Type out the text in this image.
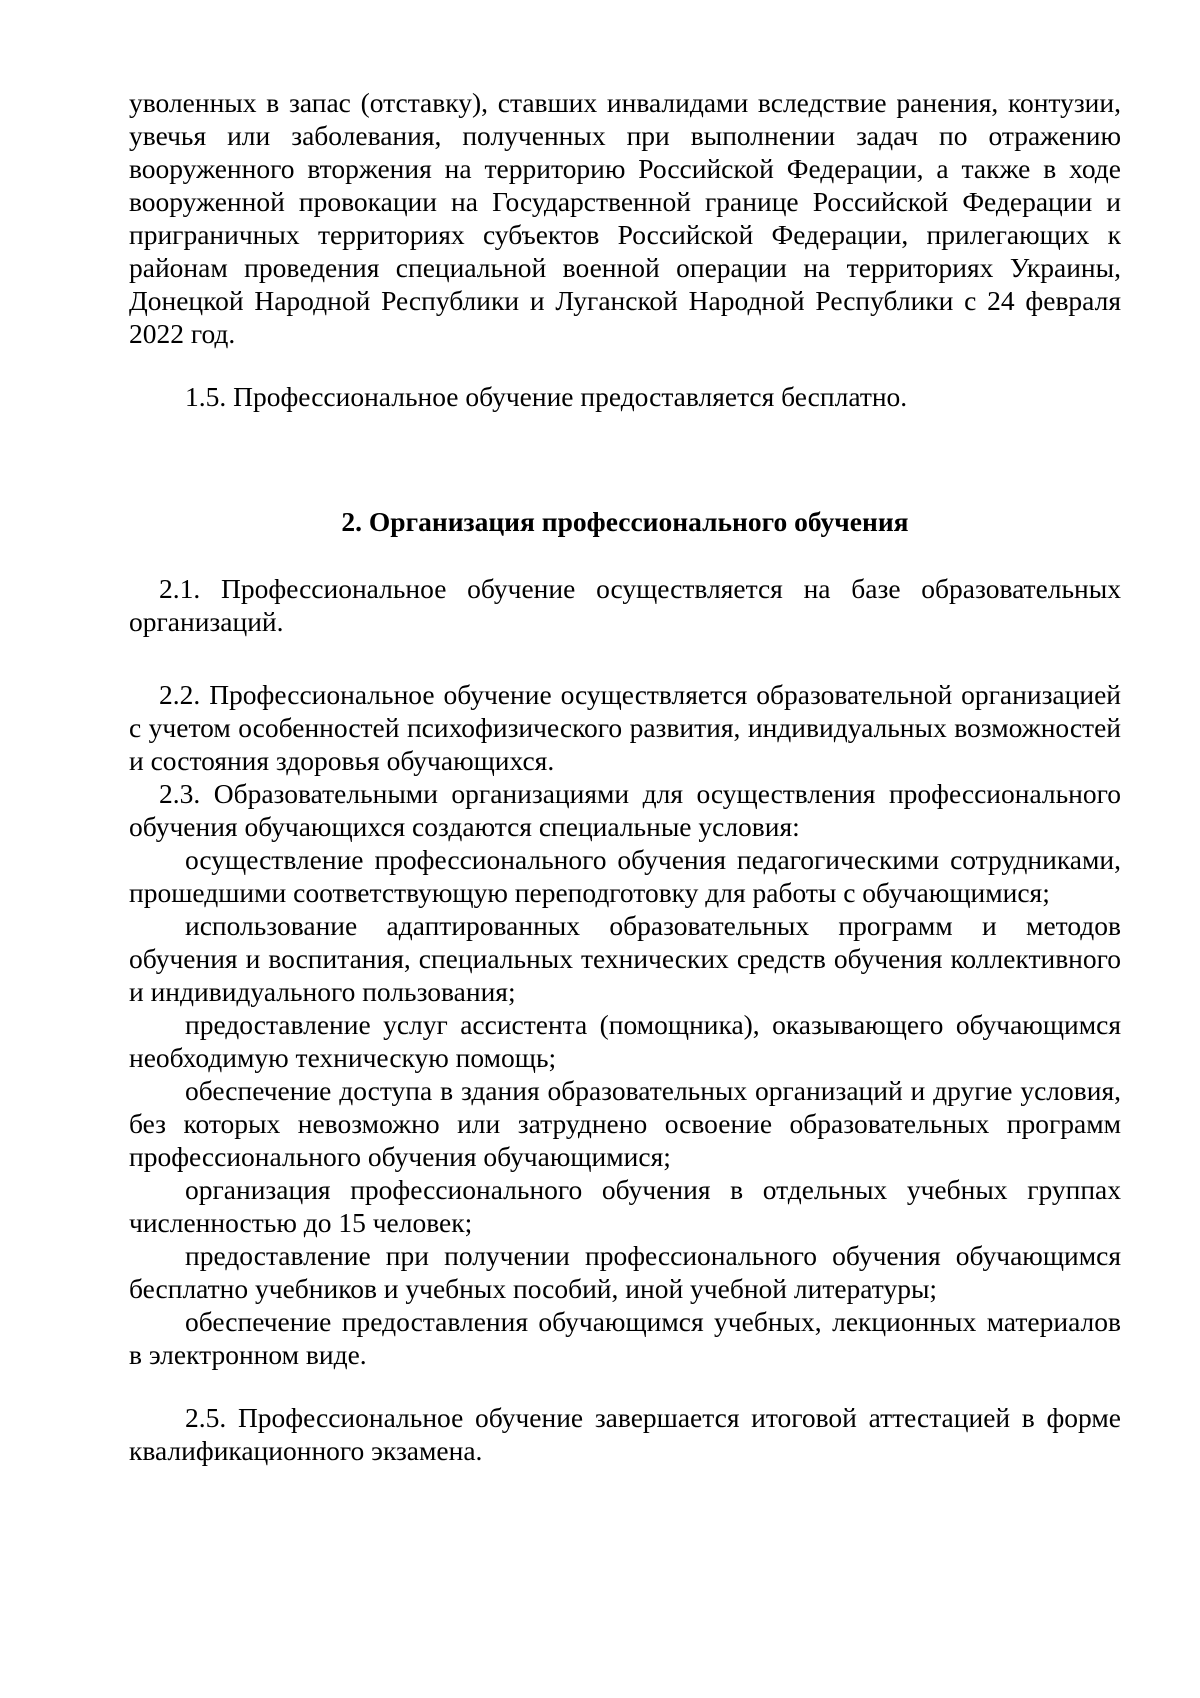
уволенных в запас (отставку), ставших инвалидами вследствие ранения, контузии, увечья или заболевания, полученных при выполнении задач по отражению вооруженного вторжения на территорию Российской Федерации, а также в ходе вооруженной провокации на Государственной границе Российской Федерации и приграничных территориях субъектов Российской Федерации, прилегающих к районам проведения специальной военной операции на территориях Украины, Донецкой Народной Республики и Луганской Народной Республики с 24 февраля 2022 год.

1.5. Профессиональное обучение предоставляется бесплатно.

2. Организация профессионального обучения

2.1. Профессиональное обучение осуществляется на базе образовательных организаций.

2.2. Профессиональное обучение осуществляется образовательной организацией с учетом особенностей психофизического развития, индивидуальных возможностей и состояния здоровья обучающихся.

2.3. Образовательными организациями для осуществления профессионального обучения обучающихся создаются специальные условия:

осуществление профессионального обучения педагогическими сотрудниками, прошедшими соответствующую переподготовку для работы с обучающимися;

использование адаптированных образовательных программ и методов обучения и воспитания, специальных технических средств обучения коллективного и индивидуального пользования;

предоставление услуг ассистента (помощника), оказывающего обучающимся необходимую техническую помощь;

обеспечение доступа в здания образовательных организаций и другие условия, без которых невозможно или затруднено освоение образовательных программ профессионального обучения обучающимися;

организация профессионального обучения в отдельных учебных группах численностью до 15 человек;

предоставление при получении профессионального обучения обучающимся бесплатно учебников и учебных пособий, иной учебной литературы;

обеспечение предоставления обучающимся учебных, лекционных материалов в электронном виде.

2.5. Профессиональное обучение завершается итоговой аттестацией в форме квалификационного экзамена.
